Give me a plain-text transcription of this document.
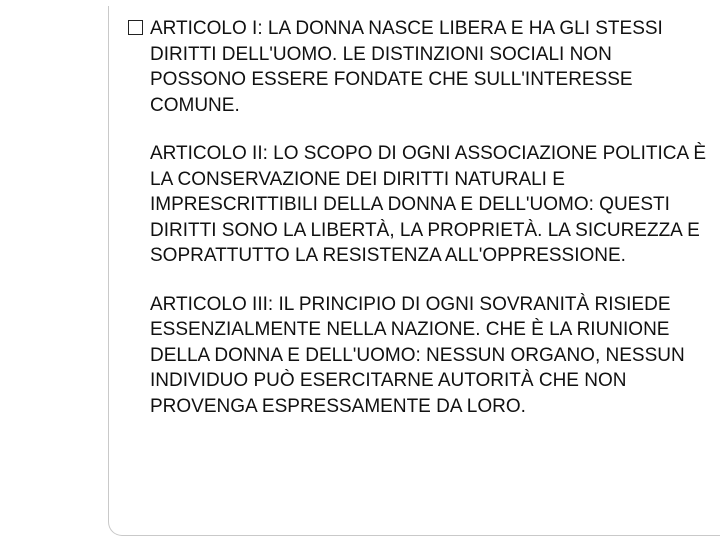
ARTICOLO I: LA DONNA NASCE LIBERA E HA GLI STESSI DIRITTI DELL'UOMO. LE DISTINZIONI SOCIALI NON POSSONO ESSERE FONDATE CHE SULL'INTERESSE COMUNE.

ARTICOLO II: LO SCOPO DI OGNI ASSOCIAZIONE POLITICA È LA CONSERVAZIONE DEI DIRITTI NATURALI E IMPRESCRITTIBILI DELLA DONNA E DELL'UOMO: QUESTI DIRITTI SONO LA LIBERTÀ, LA PROPRIETÀ. LA SICUREZZA E SOPRATTUTTO LA RESISTENZA ALL'OPPRESSIONE.

ARTICOLO III: IL PRINCIPIO DI OGNI SOVRANITÀ RISIEDE ESSENZIALMENTE NELLA NAZIONE. CHE È LA RIUNIONE DELLA DONNA E DELL'UOMO: NESSUN ORGANO, NESSUN INDIVIDUO PUÒ ESERCITARNE AUTORITÀ CHE NON PROVENGA ESPRESSAMENTE DA LORO.
